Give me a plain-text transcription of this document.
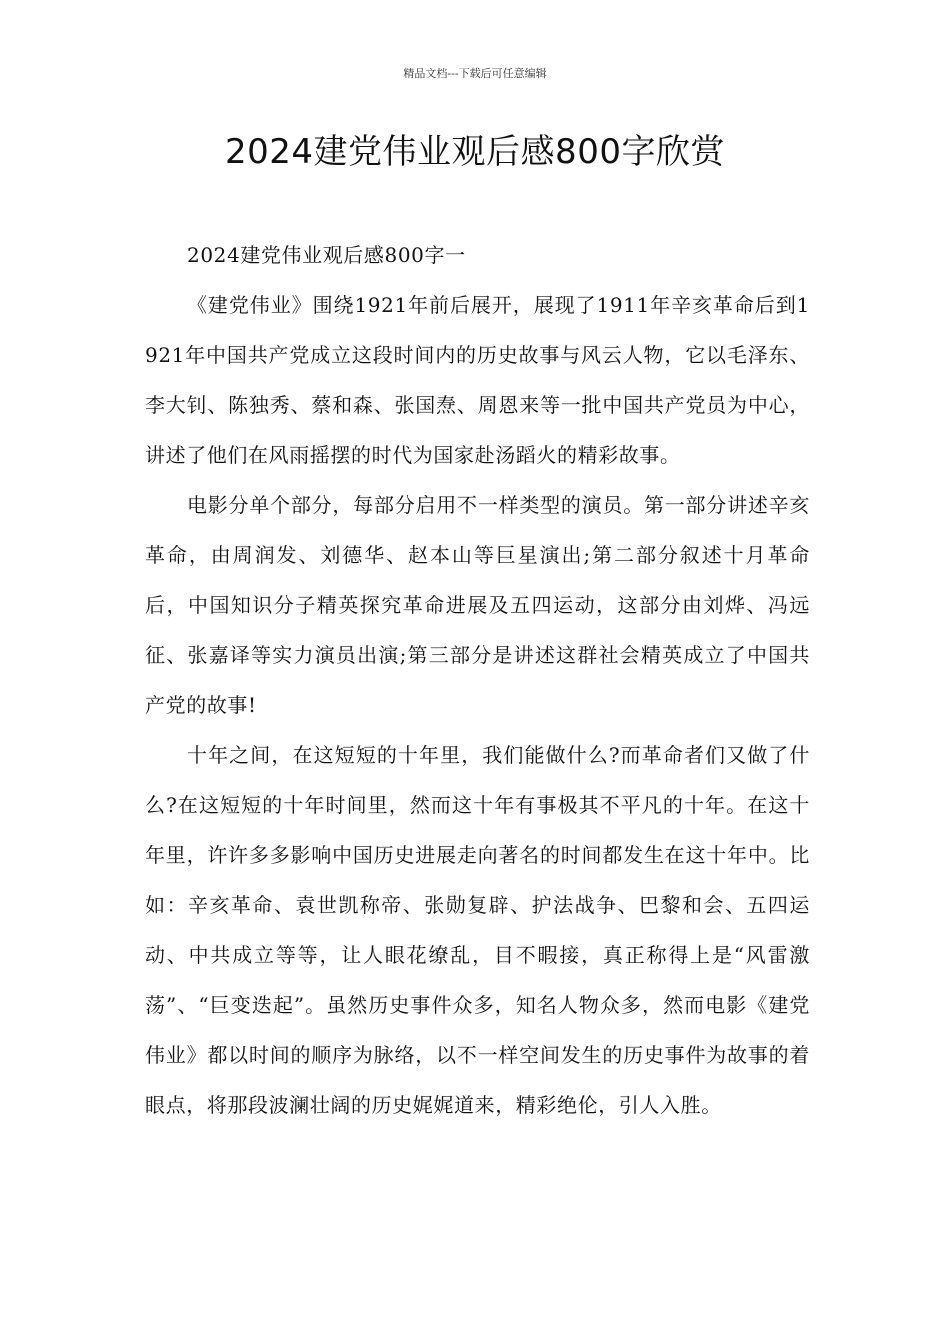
精品文档---下载后可任意编辑
2024建党伟业观后感800字欣赏

2024建党伟业观后感800字一

《建党伟业》围绕1921年前后展开，展现了1911年辛亥革命后到1921年中国共产党成立这段时间内的历史故事与风云人物，它以毛泽东、李大钊、陈独秀、蔡和森、张国焘、周恩来等一批中国共产党员为中心，讲述了他们在风雨摇摆的时代为国家赴汤蹈火的精彩故事。

电影分单个部分，每部分启用不一样类型的演员。第一部分讲述辛亥革命，由周润发、刘德华、赵本山等巨星演出;第二部分叙述十月革命后，中国知识分子精英探究革命进展及五四运动，这部分由刘烨、冯远征、张嘉译等实力演员出演;第三部分是讲述这群社会精英成立了中国共产党的故事!

十年之间，在这短短的十年里，我们能做什么?而革命者们又做了什么?在这短短的十年时间里，然而这十年有事极其不平凡的十年。在这十年里，许许多多影响中国历史进展走向著名的时间都发生在这十年中。比如：辛亥革命、袁世凯称帝、张勋复辟、护法战争、巴黎和会、五四运动、中共成立等等，让人眼花缭乱，目不暇接，真正称得上是“风雷激荡”、“巨变迭起”。虽然历史事件众多，知名人物众多，然而电影《建党伟业》都以时间的顺序为脉络，以不一样空间发生的历史事件为故事的着眼点，将那段波澜壮阔的历史娓娓道来，精彩绝伦，引人入胜。
